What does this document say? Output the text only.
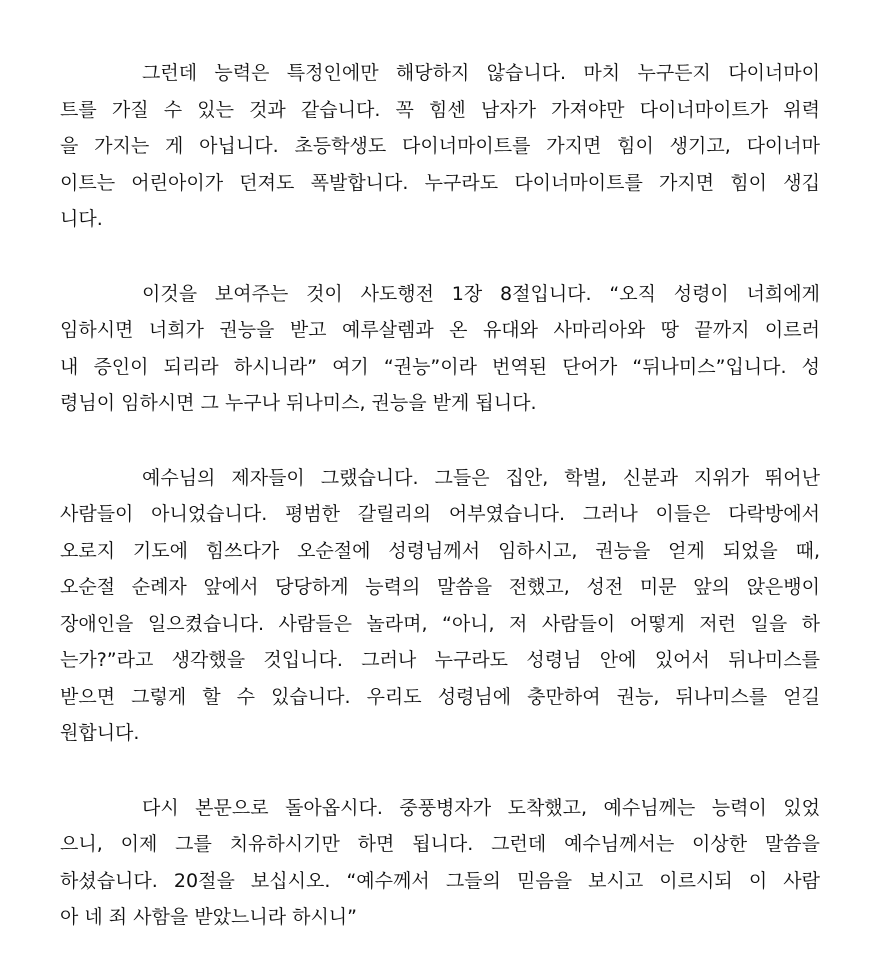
그런데 능력은 특정인에만 해당하지 않습니다. 마치 누구든지 다이너마이
트를 가질 수 있는 것과 같습니다. 꼭 힘센 남자가 가져야만 다이너마이트가 위력
을 가지는 게 아닙니다. 초등학생도 다이너마이트를 가지면 힘이 생기고, 다이너마
이트는 어린아이가 던져도 폭발합니다. 누구라도 다이너마이트를 가지면 힘이 생깁
니다.
이것을 보여주는 것이 사도행전 1장 8절입니다. “오직 성령이 너희에게
임하시면 너희가 권능을 받고 예루살렘과 온 유대와 사마리아와 땅 끝까지 이르러
내 증인이 되리라 하시니라” 여기 “권능”이라 번역된 단어가 “뒤나미스”입니다. 성
령님이 임하시면 그 누구나 뒤나미스, 권능을 받게 됩니다.
예수님의 제자들이 그랬습니다. 그들은 집안, 학벌, 신분과 지위가 뛰어난
사람들이 아니었습니다. 평범한 갈릴리의 어부였습니다. 그러나 이들은 다락방에서
오로지 기도에 힘쓰다가 오순절에 성령님께서 임하시고, 권능을 얻게 되었을 때,
오순절 순례자 앞에서 당당하게 능력의 말씀을 전했고, 성전 미문 앞의 앉은뱅이
장애인을 일으켰습니다. 사람들은 놀라며, “아니, 저 사람들이 어떻게 저런 일을 하
는가?”라고 생각했을 것입니다. 그러나 누구라도 성령님 안에 있어서 뒤나미스를
받으면 그렇게 할 수 있습니다. 우리도 성령님에 충만하여 권능, 뒤나미스를 얻길
원합니다.
다시 본문으로 돌아옵시다. 중풍병자가 도착했고, 예수님께는 능력이 있었
으니, 이제 그를 치유하시기만 하면 됩니다. 그런데 예수님께서는 이상한 말씀을
하셨습니다. 20절을 보십시오. “예수께서 그들의 믿음을 보시고 이르시되 이 사람
아 네 죄 사함을 받았느니라 하시니”
